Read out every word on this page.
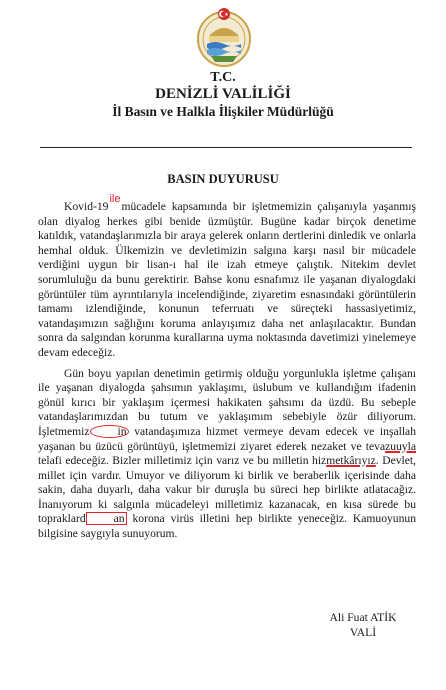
T.C.
DENİZLİ VALİLİĞİ
İl Basın ve Halkla İlişkiler Müdürlüğü
BASIN DUYURUSU

Kovid-19ilemücadele kapsamında bir işletmemizin çalışanıyla yaşanmış olan diyalog herkes gibi benide üzmüştür. Bugüne kadar birçok denetime katıldık, vatandaşlarımızla bir araya gelerek onların dertlerini dinledik ve onlarla hemhal olduk. Ülkemizin ve devletimizin salgına karşı nasıl bir mücadele verdiğini uygun bir lisan-ı hal ile izah etmeye çalıştık. Nitekim devlet sorumluluğu da bunu gerektirir. Bahse konu esnafımız ile yaşanan diyalogdaki görüntüler tüm ayrıntılarıyla incelendiğinde, ziyaretim esnasındaki görüntülerin tamamı izlendiğinde, konunun teferruatı ve süreçteki hassasiyetimiz, vatandaşımızın sağlığını koruma anlayışımız daha net anlaşılacaktır. Bundan sonra da salgından korunma kurallarına uyma noktasında davetimizi yinelemeye devam edeceğiz.

Gün boyu yapılan denetimin getirmiş olduğu yorgunlukla işletme çalışanı ile yaşanan diyalogda şahsımın yaklaşımı, üslubum ve kullandığım ifadenin gönül kırıcı bir yaklaşım içermesi hakikaten şahsımı da üzdü. Bu sebeple vatandaşlarımızdan bu tutum ve yaklaşımım sebebiyle özür diliyorum. İşletmemiz in vatandaşımıza hizmet vermeye devam edecek ve inşallah yaşanan bu üzücü görüntüyü, işletmemizi ziyaret ederek nezaket ve tevazuuyla telafi edeceğiz. Bizler milletimiz için varız ve bu milletin hizmetkârıyız. Devlet, millet için vardır. Umuyor ve diliyorum ki birlik ve beraberlik içerisinde daha sakin, daha duyarlı, daha vakur bir duruşla bu süreci hep birlikte atlatacağız. İnanıyorum ki salgınla mücadeleyi milletimiz kazanacak, en kısa sürede bu topraklard an korona virüs illetini hep birlikte yeneceğiz. Kamuoyunun bilgisine saygıyla sunuyorum.

Ali Fuat ATİK
VALİ
